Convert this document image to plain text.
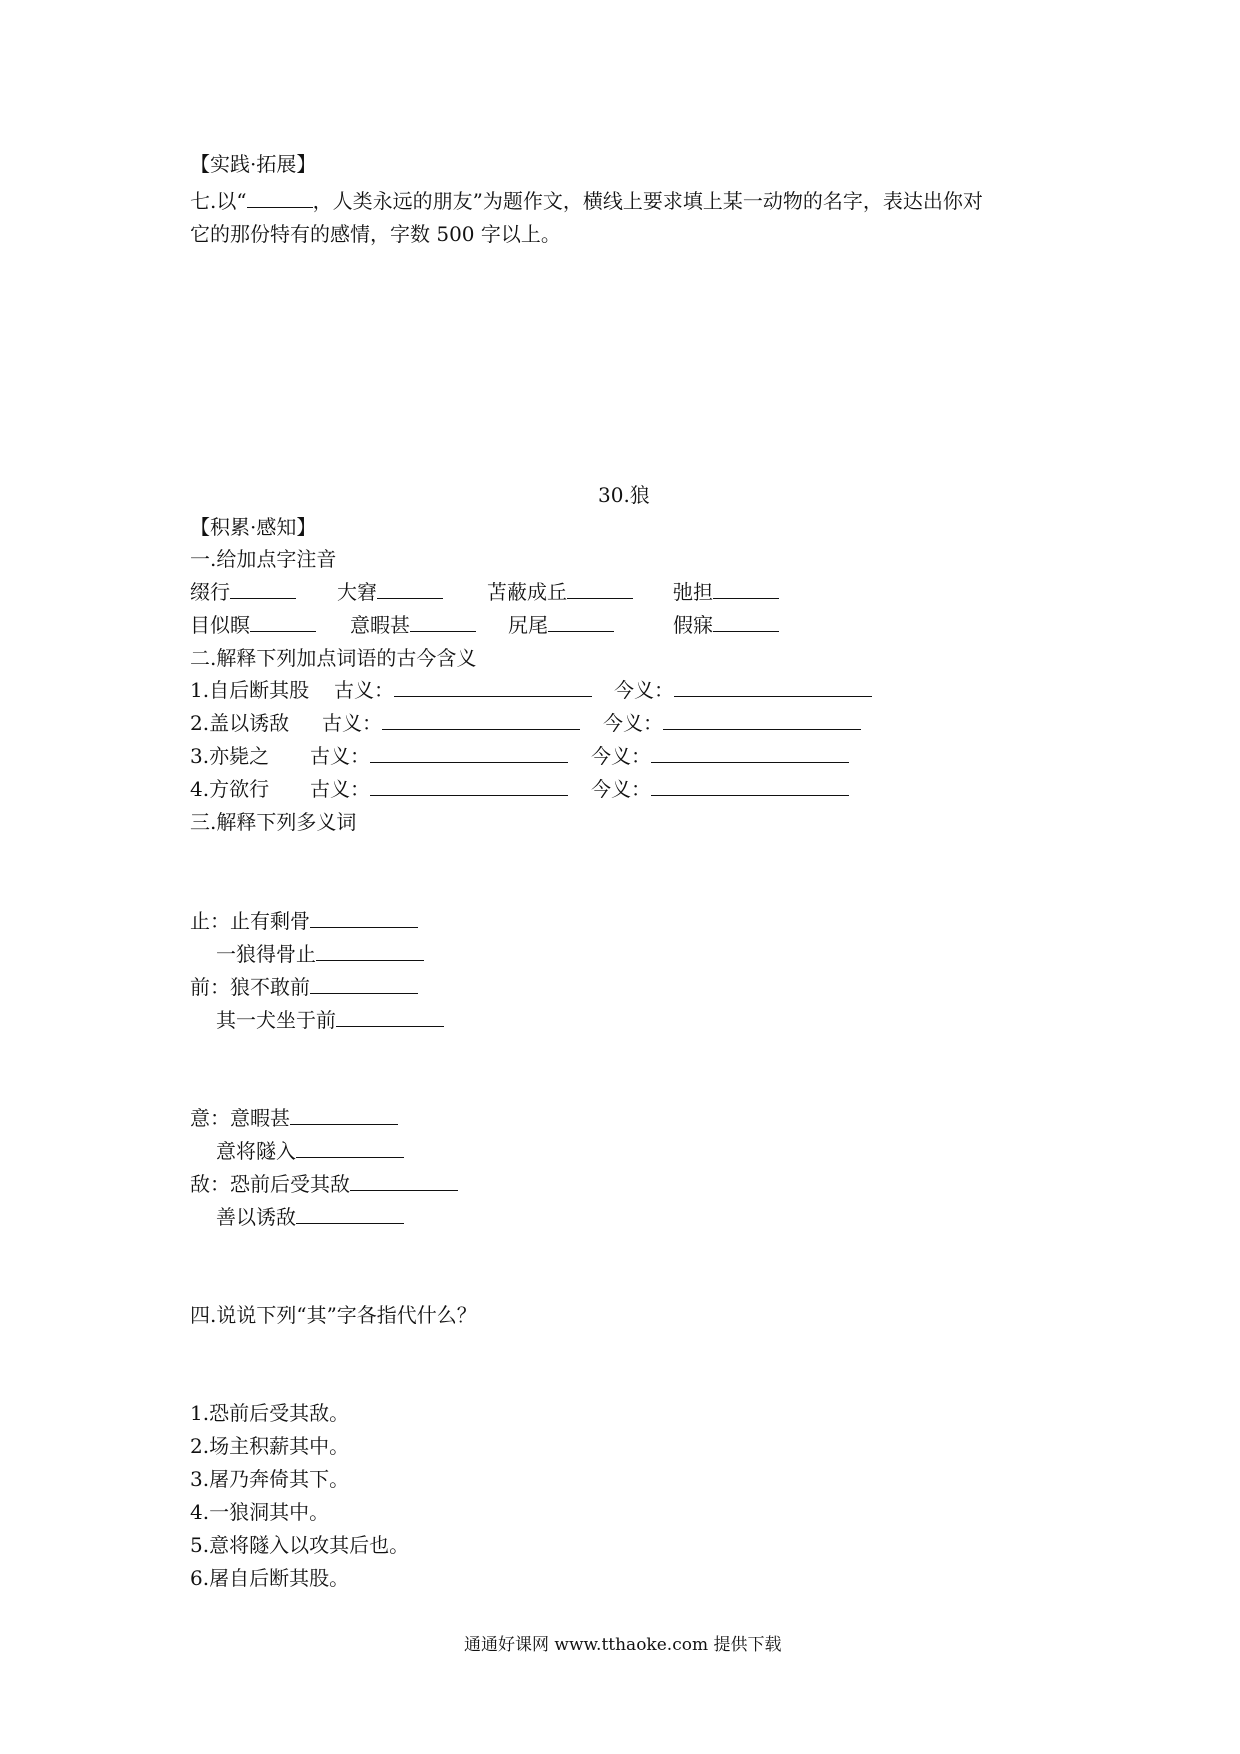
【实践·拓展】
七.以“	，人类永远的朋友”为题作文，横线上要求填上某一动物的名字，表达出你对
它的那份特有的感情，字数 500 字以上。
30.狼
【积累·感知】
一.给加点字注音
缀行	大窘	苫蔽成丘	弛担
目似瞑	意暇甚	尻尾	假寐
二.解释下列加点词语的古今含义
1.自后断其股 古义：	今义：
2.盖以诱敌 古义：	今义：
3.亦毙之 古义：	今义：
4.方欲行 古义：	今义：
三.解释下列多义词
止：止有剩骨
一狼得骨止
前：狼不敢前
其一犬坐于前
意：意暇甚
意将隧入
敌：恐前后受其敌
善以诱敌
四.说说下列“其”字各指代什么？
1.恐前后受其敌。
2.场主积薪其中。
3.屠乃奔倚其下。
4.一狼洞其中。
5.意将隧入以攻其后也。
6.屠自后断其股。
通通好课网 www.tthaoke.com 提供下载
